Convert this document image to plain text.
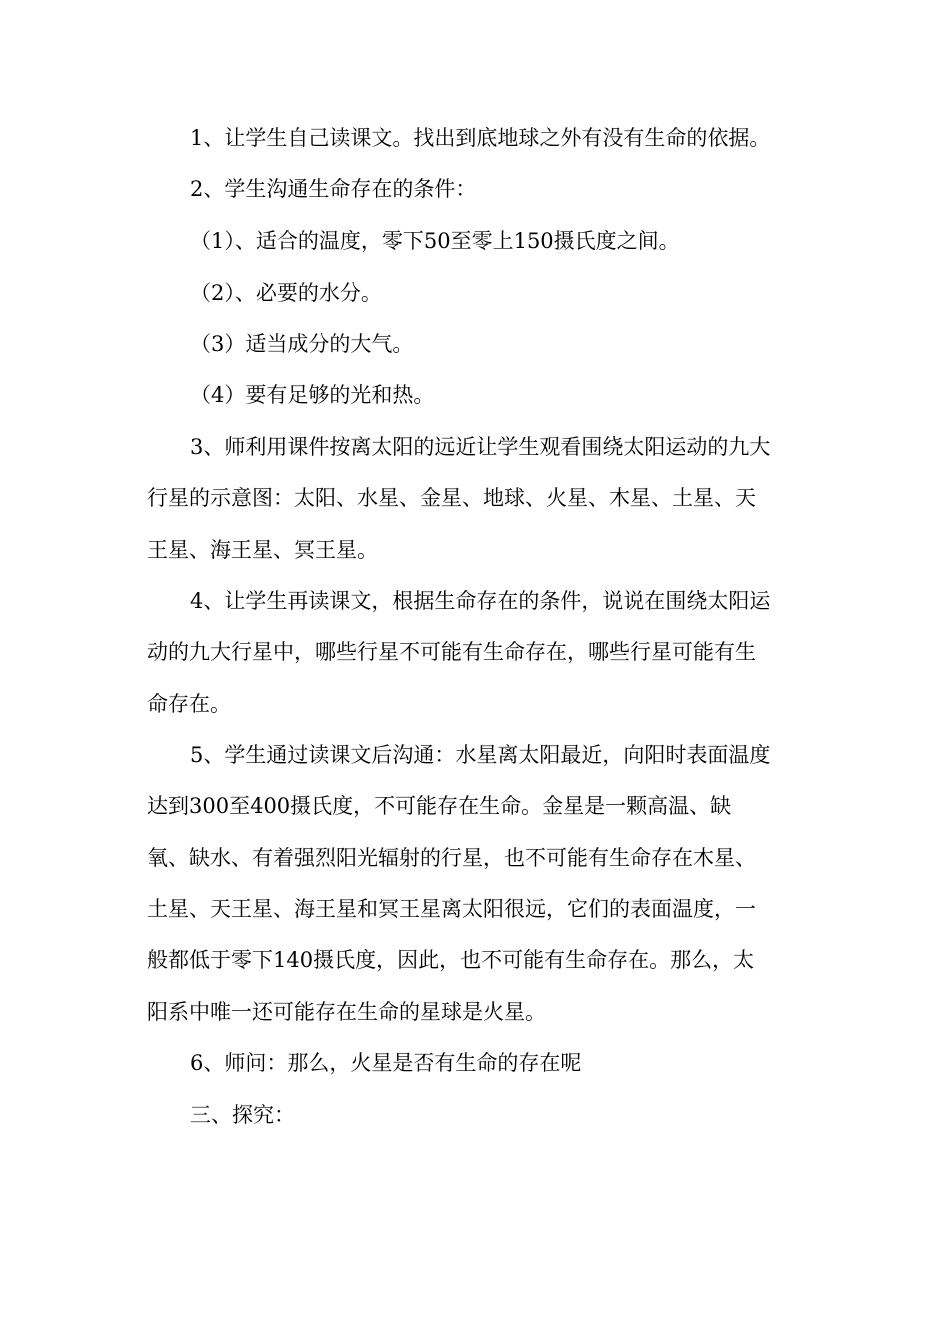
1、让学生自己读课文。找出到底地球之外有没有生命的依据。
2、学生沟通生命存在的条件：
（1）、适合的温度，零下50至零上150摄氏度之间。
（2）、必要的水分。
（3）适当成分的大气。
（4）要有足够的光和热。
3、师利用课件按离太阳的远近让学生观看围绕太阳运动的九大
行星的示意图：太阳、水星、金星、地球、火星、木星、土星、天
王星、海王星、冥王星。
4、让学生再读课文，根据生命存在的条件，说说在围绕太阳运
动的九大行星中，哪些行星不可能有生命存在，哪些行星可能有生
命存在。
5、学生通过读课文后沟通：水星离太阳最近，向阳时表面温度
达到300至400摄氏度，不可能存在生命。金星是一颗高温、缺
氧、缺水、有着强烈阳光辐射的行星，也不可能有生命存在木星、
土星、天王星、海王星和冥王星离太阳很远，它们的表面温度，一
般都低于零下140摄氏度，因此，也不可能有生命存在。那么，太
阳系中唯一还可能存在生命的星球是火星。
6、师问：那么，火星是否有生命的存在呢
三、探究：
